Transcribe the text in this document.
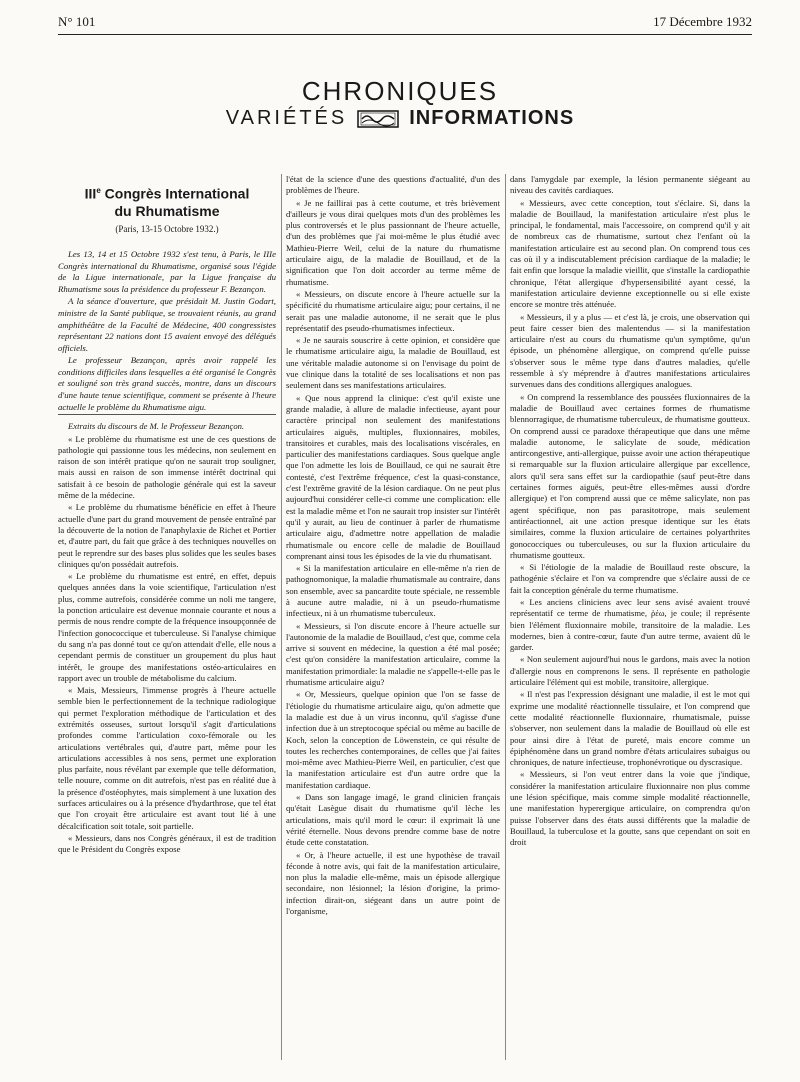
N° 101	17 Décembre 1932
CHRONIQUES
VARIÉTÉS	INFORMATIONS
IIIe Congrès International
du Rhumatisme
(Paris, 13-15 Octobre 1932.)

Les 13, 14 et 15 Octobre 1932 s'est tenu, à Paris, le IIIe Congrès international du Rhumatisme, organisé sous l'égide de la Ligue internationale, par la Ligue française du Rhumatisme sous la présidence du professeur F. Bezançon.

A la séance d'ouverture, que présidait M. Justin Godart, ministre de la Santé publique, se trouvaient réunis, au grand amphithéâtre de la Faculté de Médecine, 400 congressistes représentant 22 nations dont 15 avaient envoyé des délégués officiels.

Le professeur Bezançon, après avoir rappelé les conditions difficiles dans lesquelles a été organisé le Congrès et souligné son très grand succès, montre, dans un discours d'une haute tenue scientifique, comment se présente à l'heure actuelle le problème du Rhumatisme aigu.

Extraits du discours de M. le Professeur Bezançon.

« Le problème du rhumatisme est une de ces questions de pathologie qui passionne tous les médecins, non seulement en raison de son intérêt pratique qu'on ne saurait trop souligner, mais aussi en raison de son immense intérêt doctrinal qui satisfait à ce besoin de pathologie générale qui est la saveur même de la médecine.

« Le problème du rhumatisme bénéficie en effet à l'heure actuelle d'une part du grand mouvement de pensée entraîné par la découverte de la notion de l'anaphylaxie de Richet et Portier et, d'autre part, du fait que grâce à des techniques nouvelles on peut le reprendre sur des bases plus solides que les seules bases cliniques qu'on possédait autrefois.

« Le problème du rhumatisme est entré, en effet, depuis quelques années dans la voie scientifique, l'articulation n'est plus, comme autrefois, considérée comme un noli me tangere, la ponction articulaire est devenue monnaie courante et nous a permis de nous rendre compte de la fréquence insoupçonnée de l'infection gonococcique et tuberculeuse. Si l'analyse chimique du sang n'a pas donné tout ce qu'on attendait d'elle, elle nous a cependant permis de constituer un groupement du plus haut intérêt, le groupe des manifestations ostéo-articulaires en rapport avec un trouble de métabolisme du calcium.

« Mais, Messieurs, l'immense progrès à l'heure actuelle semble bien le perfectionnement de la technique radiologique qui permet l'exploration méthodique de l'articulation et des extrémités osseuses, surtout lorsqu'il s'agit d'articulations profondes comme l'articulation coxo-fémorale ou les articulations vertébrales qui, d'autre part, même pour les articulations accessibles à nos sens, permet une exploration plus parfaite, nous révélant par exemple que telle déformation, telle nouure, comme on dit autrefois, n'est pas en réalité due à la présence d'ostéophytes, mais simplement à une luxation des surfaces articulaires ou à la présence d'hydarthrose, que tel état que l'on croyait être articulaire est avant tout lié à une décalcification soit totale, soit partielle.

« Messieurs, dans nos Congrès généraux, il est de tradition que le Président du Congrès expose

l'état de la science d'une des questions d'actualité, d'un des problèmes de l'heure.

« Je ne faillirai pas à cette coutume, et très brièvement d'ailleurs je vous dirai quelques mots d'un des problèmes les plus controversés et le plus passionnant de l'heure actuelle, d'un des problèmes que j'ai moi-même le plus étudié avec Mathieu-Pierre Weil, celui de la nature du rhumatisme articulaire aigu, de la maladie de Bouillaud, et de la signification que l'on doit accorder au terme même de rhumatisme.

« Messieurs, on discute encore à l'heure actuelle sur la spécificité du rhumatisme articulaire aigu; pour certains, il ne serait pas une maladie autonome, il ne serait que le plus représentatif des pseudo-rhumatismes infectieux.

« Je ne saurais souscrire à cette opinion, et considère que le rhumatisme articulaire aigu, la maladie de Bouillaud, est une véritable maladie autonome si on l'envisage du point de vue clinique dans la totalité de ses localisations et non pas seulement dans ses manifestations articulaires.

« Que nous apprend la clinique: c'est qu'il existe une grande maladie, à allure de maladie infectieuse, ayant pour caractère principal non seulement des manifestations articulaires aiguës, multiples, fluxionnaires, mobiles, transitoires et curables, mais des localisations viscérales, en particulier des manifestations cardiaques. Sous quelque angle que l'on admette les lois de Bouillaud, ce qui ne saurait être contesté, c'est l'extrême fréquence, c'est la quasi-constance, c'est l'extrême gravité de la lésion cardiaque. On ne peut plus aujourd'hui considérer celle-ci comme une complication: elle est la maladie même et l'on ne saurait trop insister sur l'intérêt qu'il y aurait, au lieu de continuer à parler de rhumatisme articulaire aigu, d'admettre notre appellation de maladie rhumatismale ou encore celle de maladie de Bouillaud comprenant ainsi tous les épisodes de la vie du rhumatisant.

« Si la manifestation articulaire en elle-même n'a rien de pathognomonique, la maladie rhumatismale au contraire, dans son ensemble, avec sa pancardite toute spéciale, ne ressemble à aucune autre maladie, ni à un pseudo-rhumatisme infectieux, ni à un rhumatisme tuberculeux.

« Messieurs, si l'on discute encore à l'heure actuelle sur l'autonomie de la maladie de Bouillaud, c'est que, comme cela arrive si souvent en médecine, la question a été mal posée; c'est qu'on considère la manifestation articulaire, comme la manifestation primordiale: la maladie ne s'appelle-t-elle pas le rhumatisme articulaire aigu?

« Or, Messieurs, quelque opinion que l'on se fasse de l'étiologie du rhumatisme articulaire aigu, qu'on admette que la maladie est due à un virus inconnu, qu'il s'agisse d'une infection due à un streptocoque spécial ou même au bacille de Koch, selon la conception de Löwenstein, ce qui résulte de toutes les recherches contemporaines, de celles que j'ai faites moi-même avec Mathieu-Pierre Weil, en particulier, c'est que la manifestation articulaire est d'un autre ordre que la manifestation cardiaque.

« Dans son langage imagé, le grand clinicien français qu'était Lasègue disait du rhumatisme qu'il lèche les articulations, mais qu'il mord le cœur: il exprimait là une vérité éternelle. Nous devons prendre comme base de notre étude cette constatation.

« Or, à l'heure actuelle, il est une hypothèse de travail féconde à notre avis, qui fait de la manifestation articulaire, non plus la maladie elle-même, mais un épisode allergique secondaire, non lésionnel; la lésion d'origine, la primo-infection dirait-on, siégeant dans un autre point de l'organisme,

dans l'amygdale par exemple, la lésion permanente siégeant au niveau des cavités cardiaques.

« Messieurs, avec cette conception, tout s'éclaire. Si, dans la maladie de Bouillaud, la manifestation articulaire n'est plus le principal, le fondamental, mais l'accessoire, on comprend qu'il y ait de nombreux cas de rhumatisme, surtout chez l'enfant où la manifestation articulaire est au second plan. On comprend tous ces cas où il y a indiscutablement précision cardiaque de la maladie; le fait enfin que lorsque la maladie vieillit, que s'installe la cardiopathie chronique, l'état allergique d'hypersensibilité ayant cessé, la manifestation articulaire devienne exceptionnelle ou si elle existe encore se montre très atténuée.

« Messieurs, il y a plus — et c'est là, je crois, une observation qui peut faire cesser bien des malentendus — si la manifestation articulaire n'est au cours du rhumatisme qu'un symptôme, qu'un épisode, un phénomène allergique, on comprend qu'elle puisse s'observer sous le même type dans d'autres maladies, qu'elle ressemble à s'y méprendre à d'autres manifestations articulaires survenues dans des conditions allergiques analogues.

« On comprend la ressemblance des poussées fluxionnaires de la maladie de Bouillaud avec certaines formes de rhumatisme blennorragique, de rhumatisme tuberculeux, de rhumatisme goutteux. On comprend aussi ce paradoxe thérapeutique que dans une même maladie autonome, le salicylate de soude, médication antircongestive, anti-allergique, puisse avoir une action thérapeutique si remarquable sur la fluxion articulaire allergique par excellence, alors qu'il sera sans effet sur la cardiopathie (sauf peut-être dans certaines formes aiguës, peut-être elles-mêmes aussi d'ordre allergique) et l'on comprend aussi que ce même salicylate, non pas agent spécifique, non pas parasitotrope, mais seulement antiréactionnel, ait une action presque identique sur les états similaires, comme la fluxion articulaire de certaines polyarthrites gonococciques ou tuberculeuses, ou sur la fluxion articulaire du rhumatisme goutteux.

« Si l'étiologie de la maladie de Bouillaud reste obscure, la pathogénie s'éclaire et l'on va comprendre que s'éclaire aussi de ce fait la conception générale du terme rhumatisme.

« Les anciens cliniciens avec leur sens avisé avaient trouvé représentatif ce terme de rhumatisme, ῥέω, je coule; il représente bien l'élément fluxionnaire mobile, transitoire de la maladie. Les modernes, bien à contre-cœur, faute d'un autre terme, avaient dû le garder.

« Non seulement aujourd'hui nous le gardons, mais avec la notion d'allergie nous en comprenons le sens. Il représente en pathologie articulaire l'élément qui est mobile, transitoire, allergique.

« Il n'est pas l'expression désignant une maladie, il est le mot qui exprime une modalité réactionnelle tissulaire, et l'on comprend que cette modalité réactionnelle fluxionnaire, rhumatismale, puisse s'observer, non seulement dans la maladie de Bouillaud où elle est pour ainsi dire à l'état de pureté, mais encore comme un épiphénomène dans un grand nombre d'états articulaires subaigus ou chroniques, de nature infectieuse, trophonévrotique ou dyscrasique.

« Messieurs, si l'on veut entrer dans la voie que j'indique, considérer la manifestation articulaire fluxionnaire non plus comme une lésion spécifique, mais comme simple modalité réactionnelle, une manifestation hyperergique articulaire, on comprendra qu'on puisse l'observer dans des états aussi différents que la maladie de Bouillaud, la tuberculose et la goutte, sans que cependant on soit en droit
